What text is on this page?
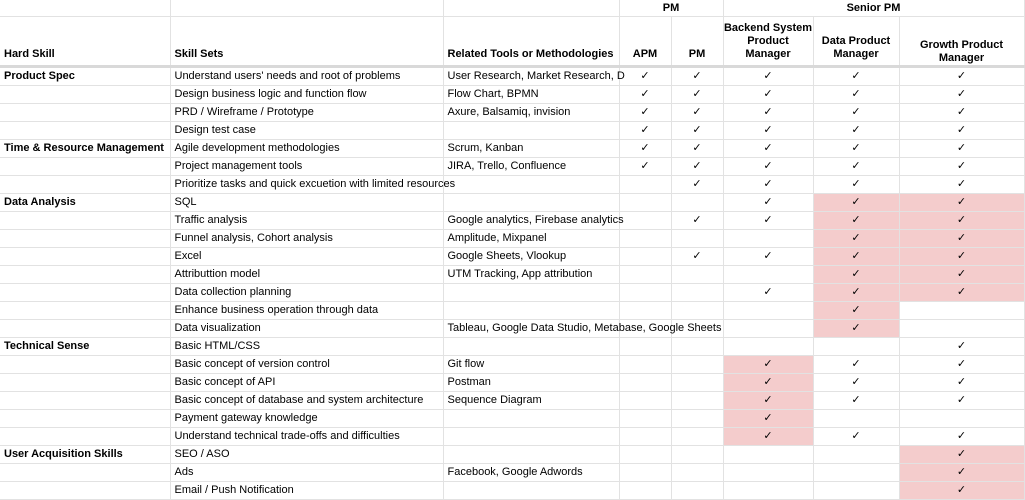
			PM		Senior PM		
Hard Skill	Skill Sets	Related Tools or Methodologies	APM	PM	Backend System Product Manager	Data Product Manager	Growth Product Manager
Product Spec	Understand users' needs and root of problems	User Research, Market Research, D	✓	✓	✓	✓	✓
	Design business logic and function flow	Flow Chart, BPMN	✓	✓	✓	✓	✓
	PRD / Wireframe / Prototype	Axure, Balsamiq, invision	✓	✓	✓	✓	✓
	Design test case		✓	✓	✓	✓	✓
Time & Resource Management	Agile development methodologies	Scrum, Kanban	✓	✓	✓	✓	✓
	Project management tools	JIRA, Trello, Confluence	✓	✓	✓	✓	✓
	Prioritize tasks and quick excuetion with limited resources			✓	✓	✓	✓
Data Analysis	SQL				✓	✓	✓
	Traffic analysis	Google analytics, Firebase analytics		✓	✓	✓	✓
	Funnel analysis, Cohort analysis	Amplitude, Mixpanel				✓	✓
	Excel	Google Sheets, Vlookup		✓	✓	✓	✓
	Attributtion model	UTM Tracking, App attribution				✓	✓
	Data collection planning				✓	✓	✓
	Enhance business operation through data					✓	
	Data visualization	Tableau, Google Data Studio, Metabase, Google Sheets				✓	
Technical Sense	Basic HTML/CSS						✓
	Basic concept of version control	Git flow			✓	✓	✓
	Basic concept of API	Postman			✓	✓	✓
	Basic concept of database and system architecture	Sequence Diagram			✓	✓	✓
	Payment gateway knowledge				✓		
	Understand technical trade-offs and difficulties				✓	✓	✓
User Acquisition Skills	SEO / ASO						✓
	Ads	Facebook, Google Adwords					✓
	Email / Push Notification						✓
